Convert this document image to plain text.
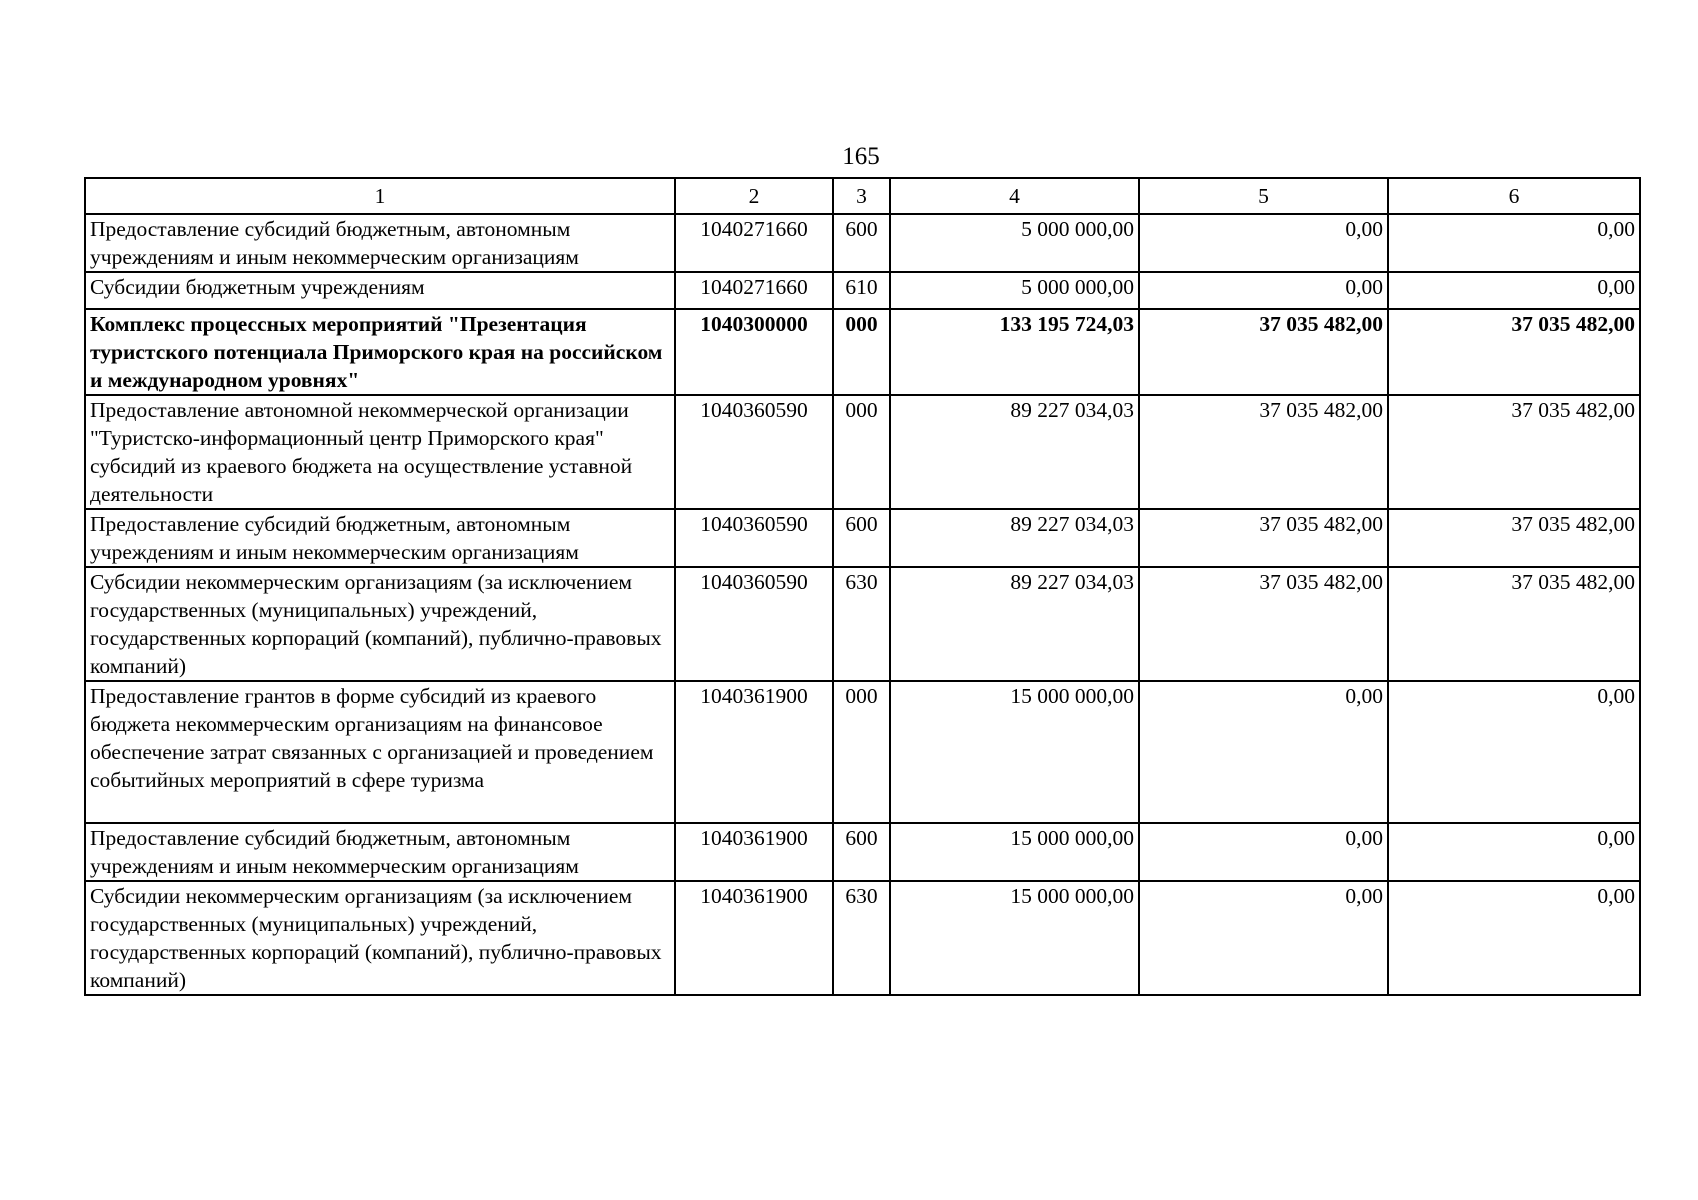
165
1	2	3	4	5	6
Предоставление субсидий бюджетным, автономным учреждениям и иным некоммерческим организациям	1040271660	600	5 000 000,00	0,00	0,00
Субсидии бюджетным учреждениям	1040271660	610	5 000 000,00	0,00	0,00
Комплекс процессных мероприятий "Презентация туристского потенциала Приморского края на российском и международном уровнях"	1040300000	000	133 195 724,03	37 035 482,00	37 035 482,00
Предоставление автономной некоммерческой организации "Туристско-информационный центр Приморского края" субсидий из краевого бюджета на осуществление уставной деятельности	1040360590	000	89 227 034,03	37 035 482,00	37 035 482,00
Предоставление субсидий бюджетным, автономным учреждениям и иным некоммерческим организациям	1040360590	600	89 227 034,03	37 035 482,00	37 035 482,00
Субсидии некоммерческим организациям (за исключением государственных (муниципальных) учреждений, государственных корпораций (компаний), публично-правовых компаний)	1040360590	630	89 227 034,03	37 035 482,00	37 035 482,00
Предоставление грантов в форме субсидий из краевого бюджета некоммерческим организациям на финансовое обеспечение затрат связанных с организацией и проведением событийных мероприятий в сфере туризма	1040361900	000	15 000 000,00	0,00	0,00
Предоставление субсидий бюджетным, автономным учреждениям и иным некоммерческим организациям	1040361900	600	15 000 000,00	0,00	0,00
Субсидии некоммерческим организациям (за исключением государственных (муниципальных) учреждений, государственных корпораций (компаний), публично-правовых компаний)	1040361900	630	15 000 000,00	0,00	0,00
